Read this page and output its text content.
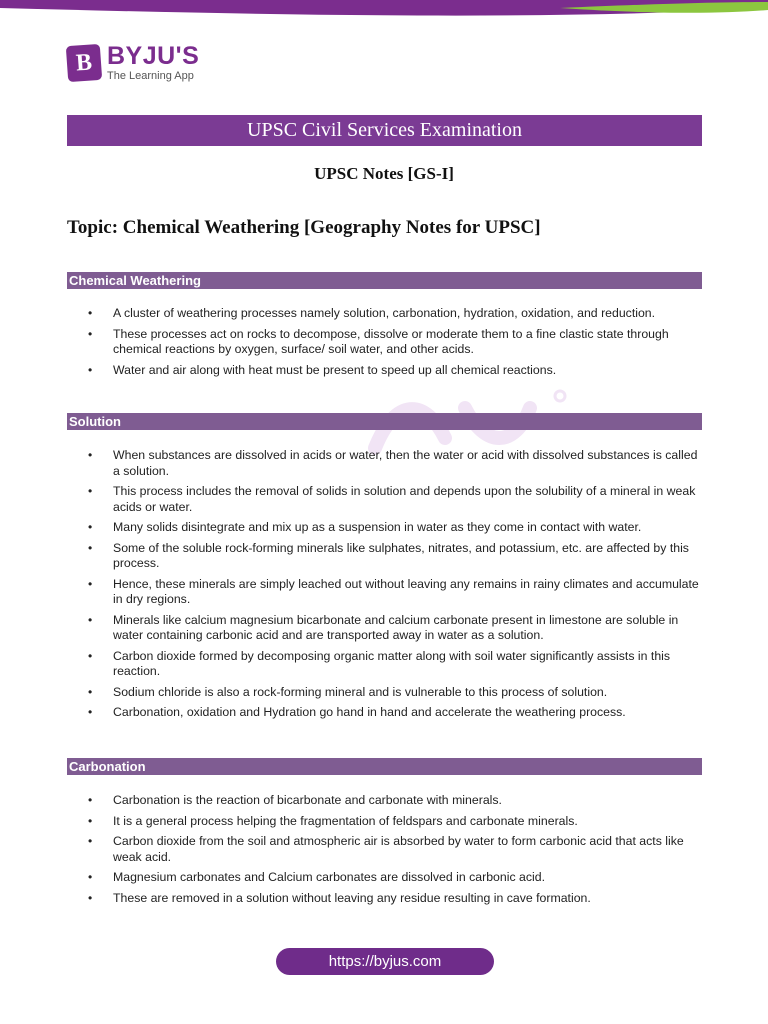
B BYJU'S
The Learning App
UPSC Civil Services Examination
UPSC Notes [GS-I]
Topic: Chemical Weathering [Geography Notes for UPSC]
Chemical Weathering
• A cluster of weathering processes namely solution, carbonation, hydration, oxidation, and reduction.
• These processes act on rocks to decompose, dissolve or moderate them to a fine clastic state through chemical reactions by oxygen, surface/ soil water, and other acids.
• Water and air along with heat must be present to speed up all chemical reactions.
Solution
• When substances are dissolved in acids or water, then the water or acid with dissolved substances is called a solution.
• This process includes the removal of solids in solution and depends upon the solubility of a mineral in weak acids or water.
• Many solids disintegrate and mix up as a suspension in water as they come in contact with water.
• Some of the soluble rock-forming minerals like sulphates, nitrates, and potassium, etc. are affected by this process.
• Hence, these minerals are simply leached out without leaving any remains in rainy climates and accumulate in dry regions.
• Minerals like calcium magnesium bicarbonate and calcium carbonate present in limestone are soluble in water containing carbonic acid and are transported away in water as a solution.
• Carbon dioxide formed by decomposing organic matter along with soil water significantly assists in this reaction.
• Sodium chloride is also a rock-forming mineral and is vulnerable to this process of solution.
• Carbonation, oxidation and Hydration go hand in hand and accelerate the weathering process.
Carbonation
• Carbonation is the reaction of bicarbonate and carbonate with minerals.
• It is a general process helping the fragmentation of feldspars and carbonate minerals.
• Carbon dioxide from the soil and atmospheric air is absorbed by water to form carbonic acid that acts like weak acid.
• Magnesium carbonates and Calcium carbonates are dissolved in carbonic acid.
• These are removed in a solution without leaving any residue resulting in cave formation.
https://byjus.com
